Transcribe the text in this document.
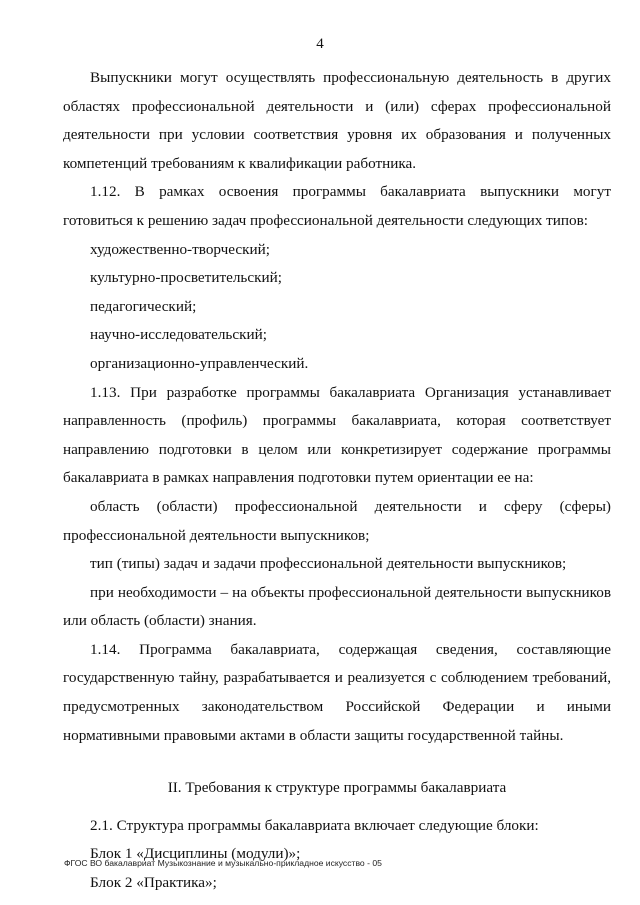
4

Выпускники могут осуществлять профессиональную деятельность в других областях профессиональной деятельности и (или) сферах профессиональной деятельности при условии соответствия уровня их образования и полученных компетенций требованиям к квалификации работника.

1.12. В рамках освоения программы бакалавриата выпускники могут готовиться к решению задач профессиональной деятельности следующих типов:

художественно-творческий;

культурно-просветительский;

педагогический;

научно-исследовательский;

организационно-управленческий.

1.13. При разработке программы бакалавриата Организация устанавливает направленность (профиль) программы бакалавриата, которая соответствует направлению подготовки в целом или конкретизирует содержание программы бакалавриата в рамках направления подготовки путем ориентации ее на:

область (области) профессиональной деятельности и сферу (сферы) профессиональной деятельности выпускников;

тип (типы) задач и задачи профессиональной деятельности выпускников;

при необходимости – на объекты профессиональной деятельности выпускников или область (области) знания.

1.14. Программа бакалавриата, содержащая сведения, составляющие государственную тайну, разрабатывается и реализуется с соблюдением требований, предусмотренных законодательством Российской Федерации и иными нормативными правовыми актами в области защиты государственной тайны.

II. Требования к структуре программы бакалавриата

2.1. Структура программы бакалавриата включает следующие блоки:

Блок 1 «Дисциплины (модули)»;

Блок 2 «Практика»;

ФГОС ВО бакалавриат Музыкознание и музыкально-прикладное искусство - 05
